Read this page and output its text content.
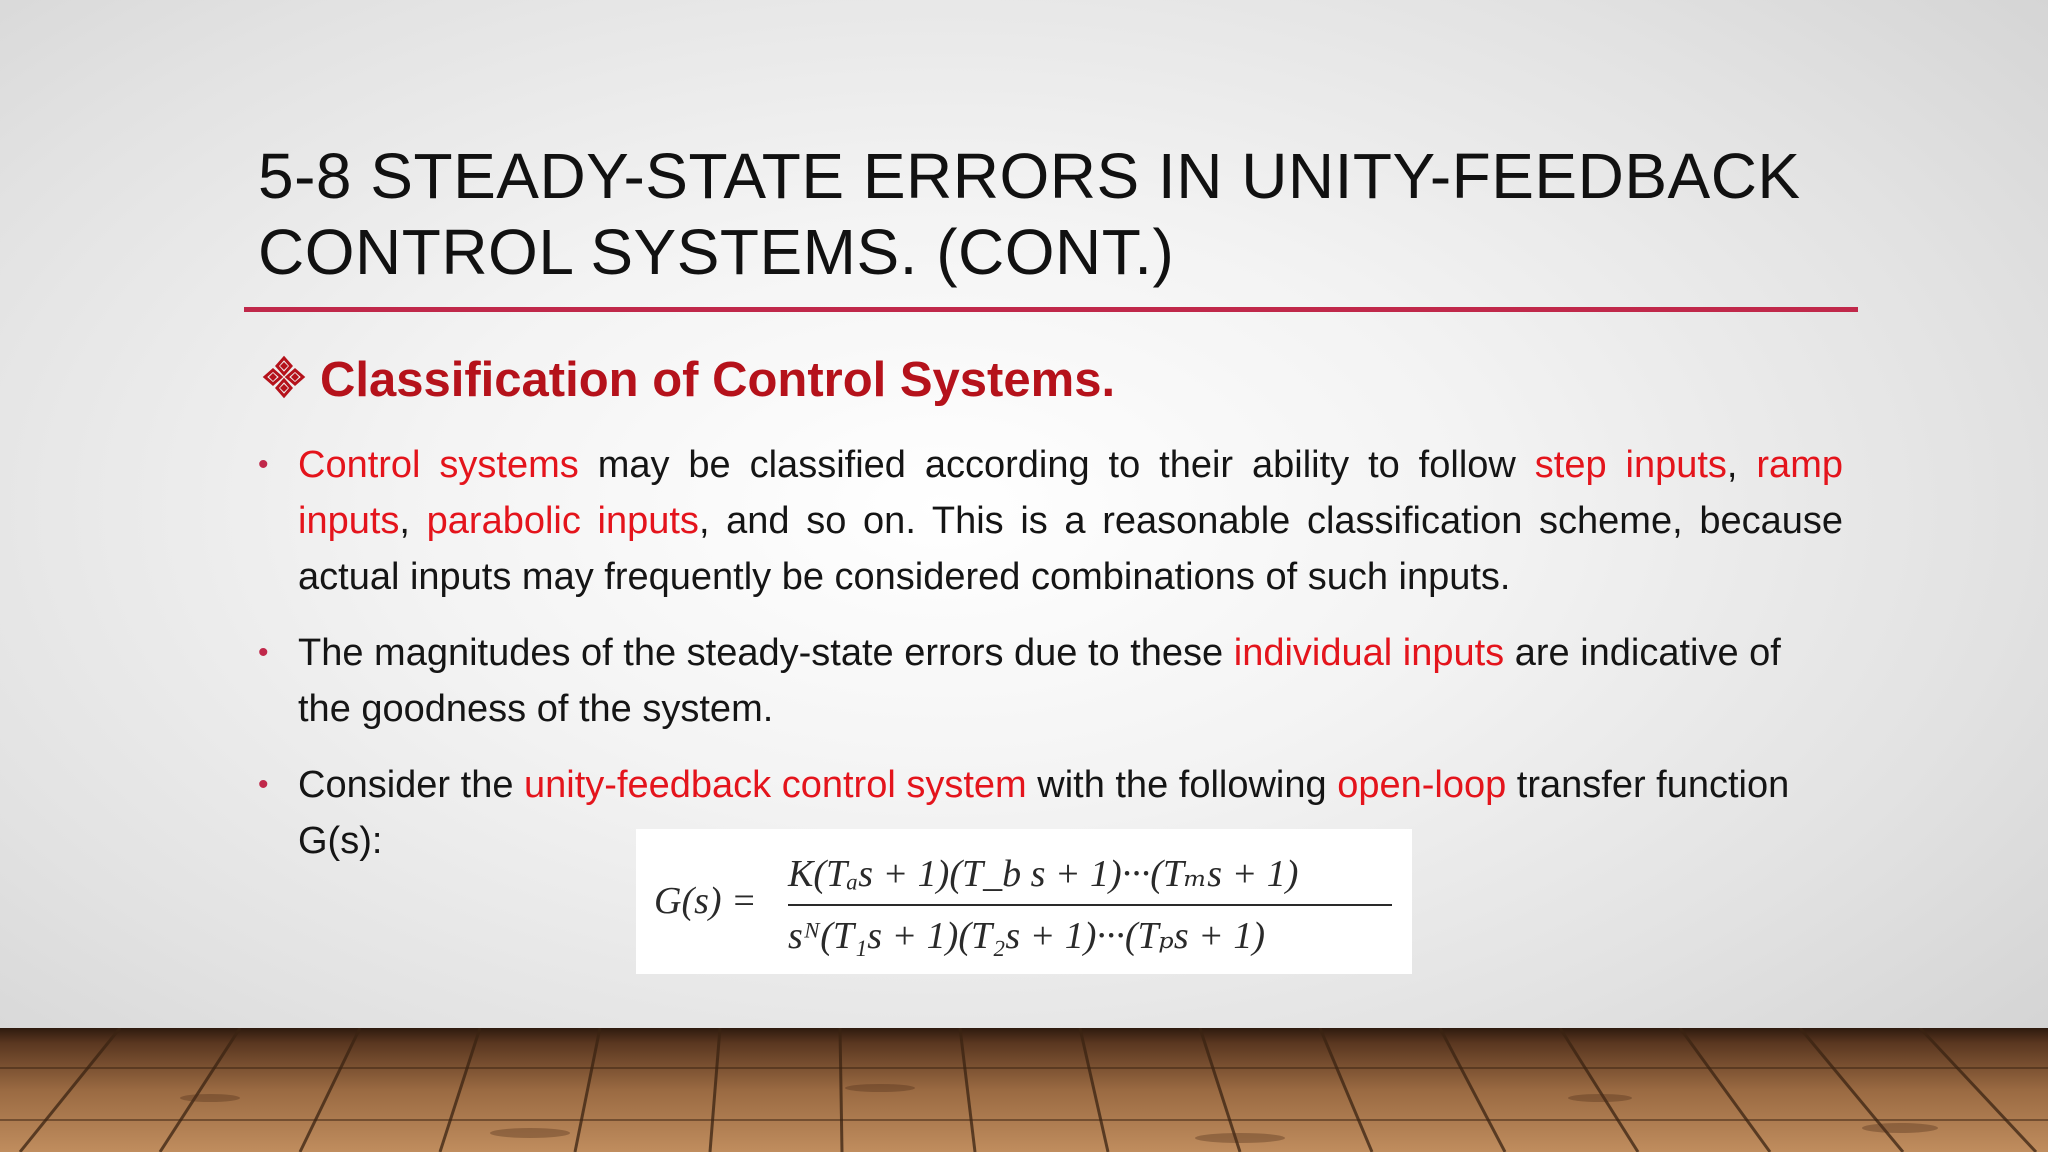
5-8 STEADY-STATE ERRORS IN UNITY-FEEDBACK CONTROL SYSTEMS. (CONT.)
Classification of Control Systems.
• Control systems may be classified according to their ability to follow step inputs, ramp inputs, parabolic inputs, and so on. This is a reasonable classification scheme, because actual inputs may frequently be considered combinations of such inputs.
• The magnitudes of the steady-state errors due to these individual inputs are indicative of the goodness of the system.
• Consider the unity-feedback control system with the following open-loop transfer function G(s):
G(s) =
K(Tₐs + 1)(T_b s + 1)···(Tₘs + 1)
sᴺ(T₁s + 1)(T₂s + 1)···(Tₚs + 1)
